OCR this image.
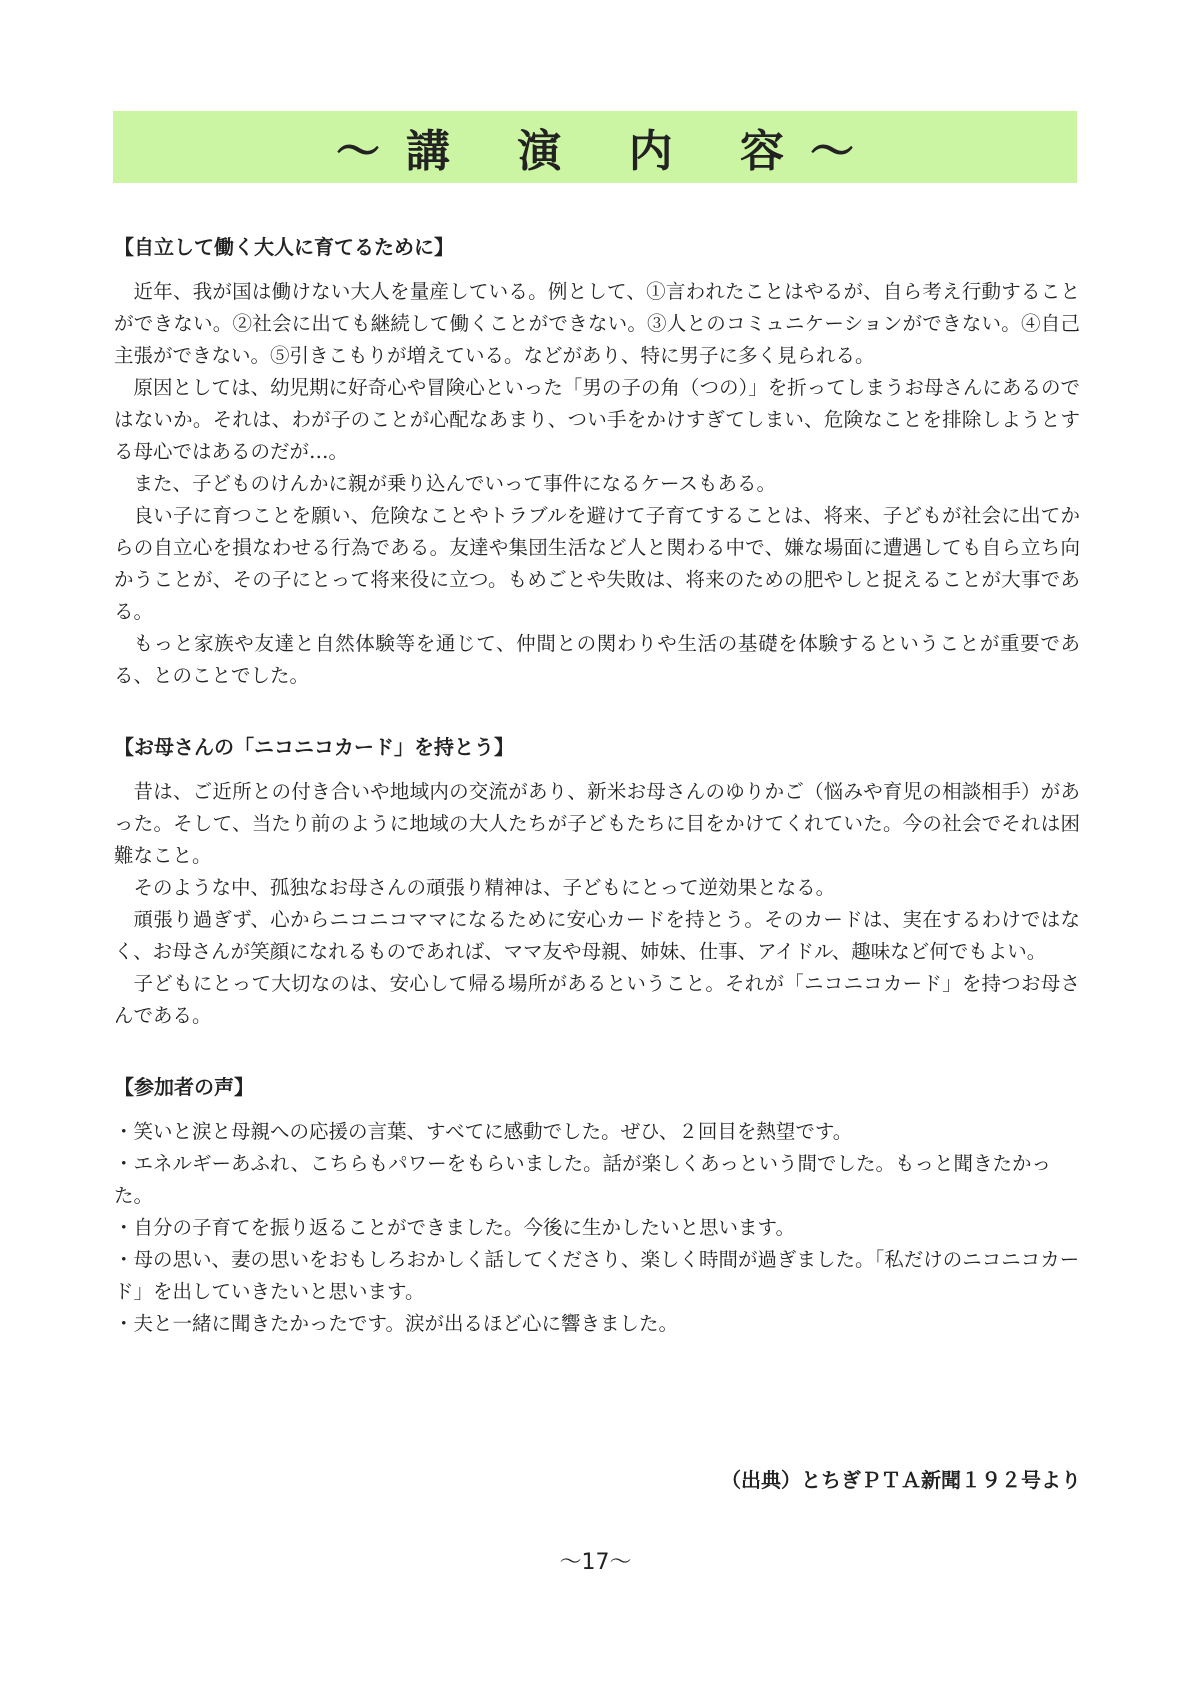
～講 演 内 容～

【自立して働く大人に育てるために】

近年、我が国は働けない大人を量産している。例として、①言われたことはやるが、自ら考え行動することができない。②社会に出ても継続して働くことができない。③人とのコミュニケーションができない。④自己主張ができない。⑤引きこもりが増えている。などがあり、特に男子に多く見られる。

原因としては、幼児期に好奇心や冒険心といった「男の子の角（つの）」を折ってしまうお母さんにあるのではないか。それは、わが子のことが心配なあまり、つい手をかけすぎてしまい、危険なことを排除しようとする母心ではあるのだが…。

また、子どものけんかに親が乗り込んでいって事件になるケースもある。

良い子に育つことを願い、危険なことやトラブルを避けて子育てすることは、将来、子どもが社会に出てからの自立心を損なわせる行為である。友達や集団生活など人と関わる中で、嫌な場面に遭遇しても自ら立ち向かうことが、その子にとって将来役に立つ。もめごとや失敗は、将来のための肥やしと捉えることが大事である。

もっと家族や友達と自然体験等を通じて、仲間との関わりや生活の基礎を体験するということが重要である、とのことでした。

【お母さんの「ニコニコカード」を持とう】

昔は、ご近所との付き合いや地域内の交流があり、新米お母さんのゆりかご（悩みや育児の相談相手）があった。そして、当たり前のように地域の大人たちが子どもたちに目をかけてくれていた。今の社会でそれは困難なこと。

そのような中、孤独なお母さんの頑張り精神は、子どもにとって逆効果となる。

頑張り過ぎず、心からニコニコママになるために安心カードを持とう。そのカードは、実在するわけではなく、お母さんが笑顔になれるものであれば、ママ友や母親、姉妹、仕事、アイドル、趣味など何でもよい。

子どもにとって大切なのは、安心して帰る場所があるということ。それが「ニコニコカード」を持つお母さんである。

【参加者の声】

・笑いと涙と母親への応援の言葉、すべてに感動でした。ぜひ、２回目を熱望です。

・エネルギーあふれ、こちらもパワーをもらいました。話が楽しくあっという間でした。もっと聞きたかった。

・自分の子育てを振り返ることができました。今後に生かしたいと思います。

・母の思い、妻の思いをおもしろおかしく話してくださり、楽しく時間が過ぎました。「私だけのニコニコカード」を出していきたいと思います。

・夫と一緒に聞きたかったです。涙が出るほど心に響きました。

（出典）とちぎＰＴＡ新聞１９２号より
～17～
